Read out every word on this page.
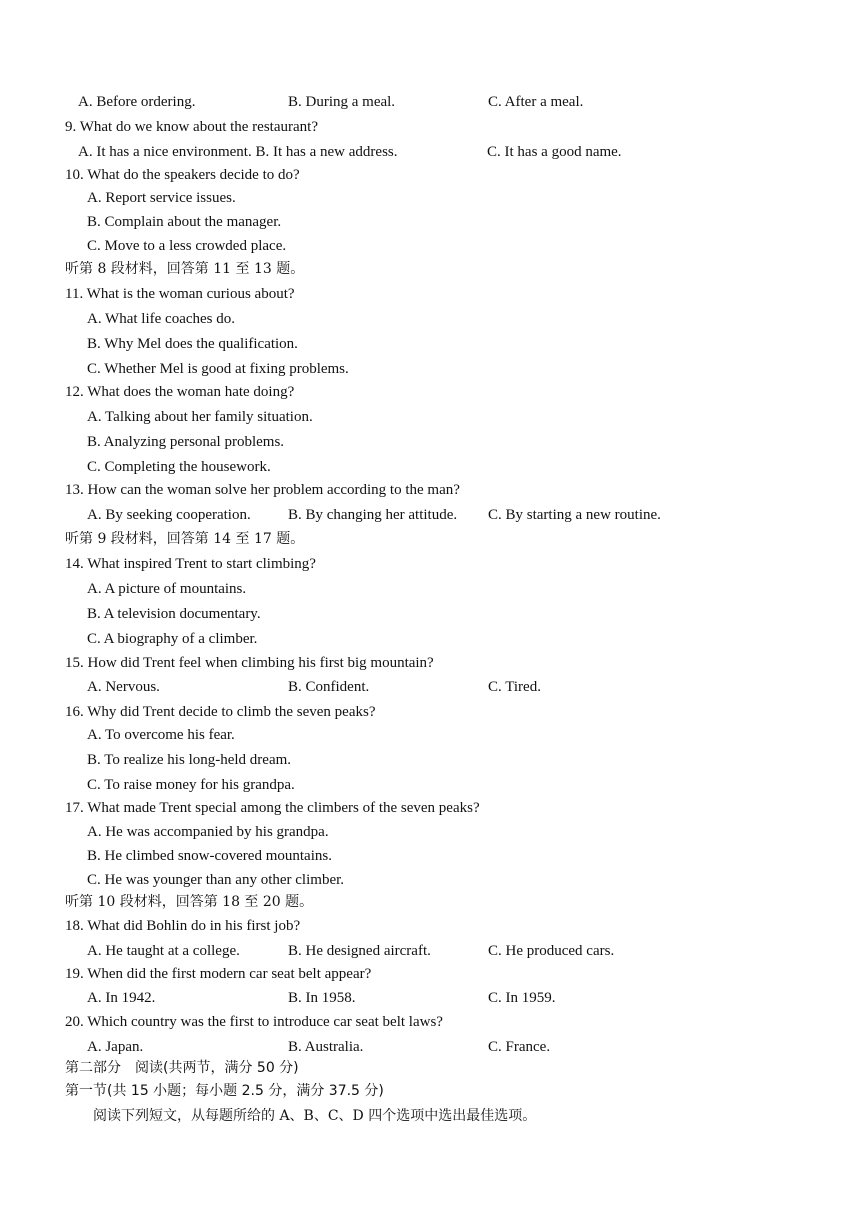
A. Before ordering.	B. During a meal.	C. After a meal.
9. What do we know about the restaurant?
A. It has a nice environment. B. It has a new address.	C. It has a good name.
10. What do the speakers decide to do?
A. Report service issues.
B. Complain about the manager.
C. Move to a less crowded place.
听第 8 段材料，回答第 11 至 13 题。
11. What is the woman curious about?
A. What life coaches do.
B. Why Mel does the qualification.
C. Whether Mel is good at fixing problems.
12. What does the woman hate doing?
A. Talking about her family situation.
B. Analyzing personal problems.
C. Completing the housework.
13. How can the woman solve her problem according to the man?
A. By seeking cooperation. B. By changing her attitude. C. By starting a new routine.
听第 9 段材料，回答第 14 至 17 题。
14. What inspired Trent to start climbing?
A. A picture of mountains.
B. A television documentary.
C. A biography of a climber.
15. How did Trent feel when climbing his first big mountain?
A. Nervous.	B. Confident.	C. Tired.
16. Why did Trent decide to climb the seven peaks?
A. To overcome his fear.
B. To realize his long-held dream.
C. To raise money for his grandpa.
17. What made Trent special among the climbers of the seven peaks?
A. He was accompanied by his grandpa.
B. He climbed snow-covered mountains.
C. He was younger than any other climber.
听第 10 段材料，回答第 18 至 20 题。
18. What did Bohlin do in his first job?
A. He taught at a college.	B. He designed aircraft.	C. He produced cars.
19. When did the first modern car seat belt appear?
A. In 1942.	B. In 1958.	C. In 1959.
20. Which country was the first to introduce car seat belt laws?
A. Japan.	B. Australia.	C. France.
第二部分　阅读(共两节，满分 50 分)
第一节(共 15 小题；每小题 2.5 分，满分 37.5 分)
阅读下列短文，从每题所给的 A、B、C、D 四个选项中选出最佳选项。
